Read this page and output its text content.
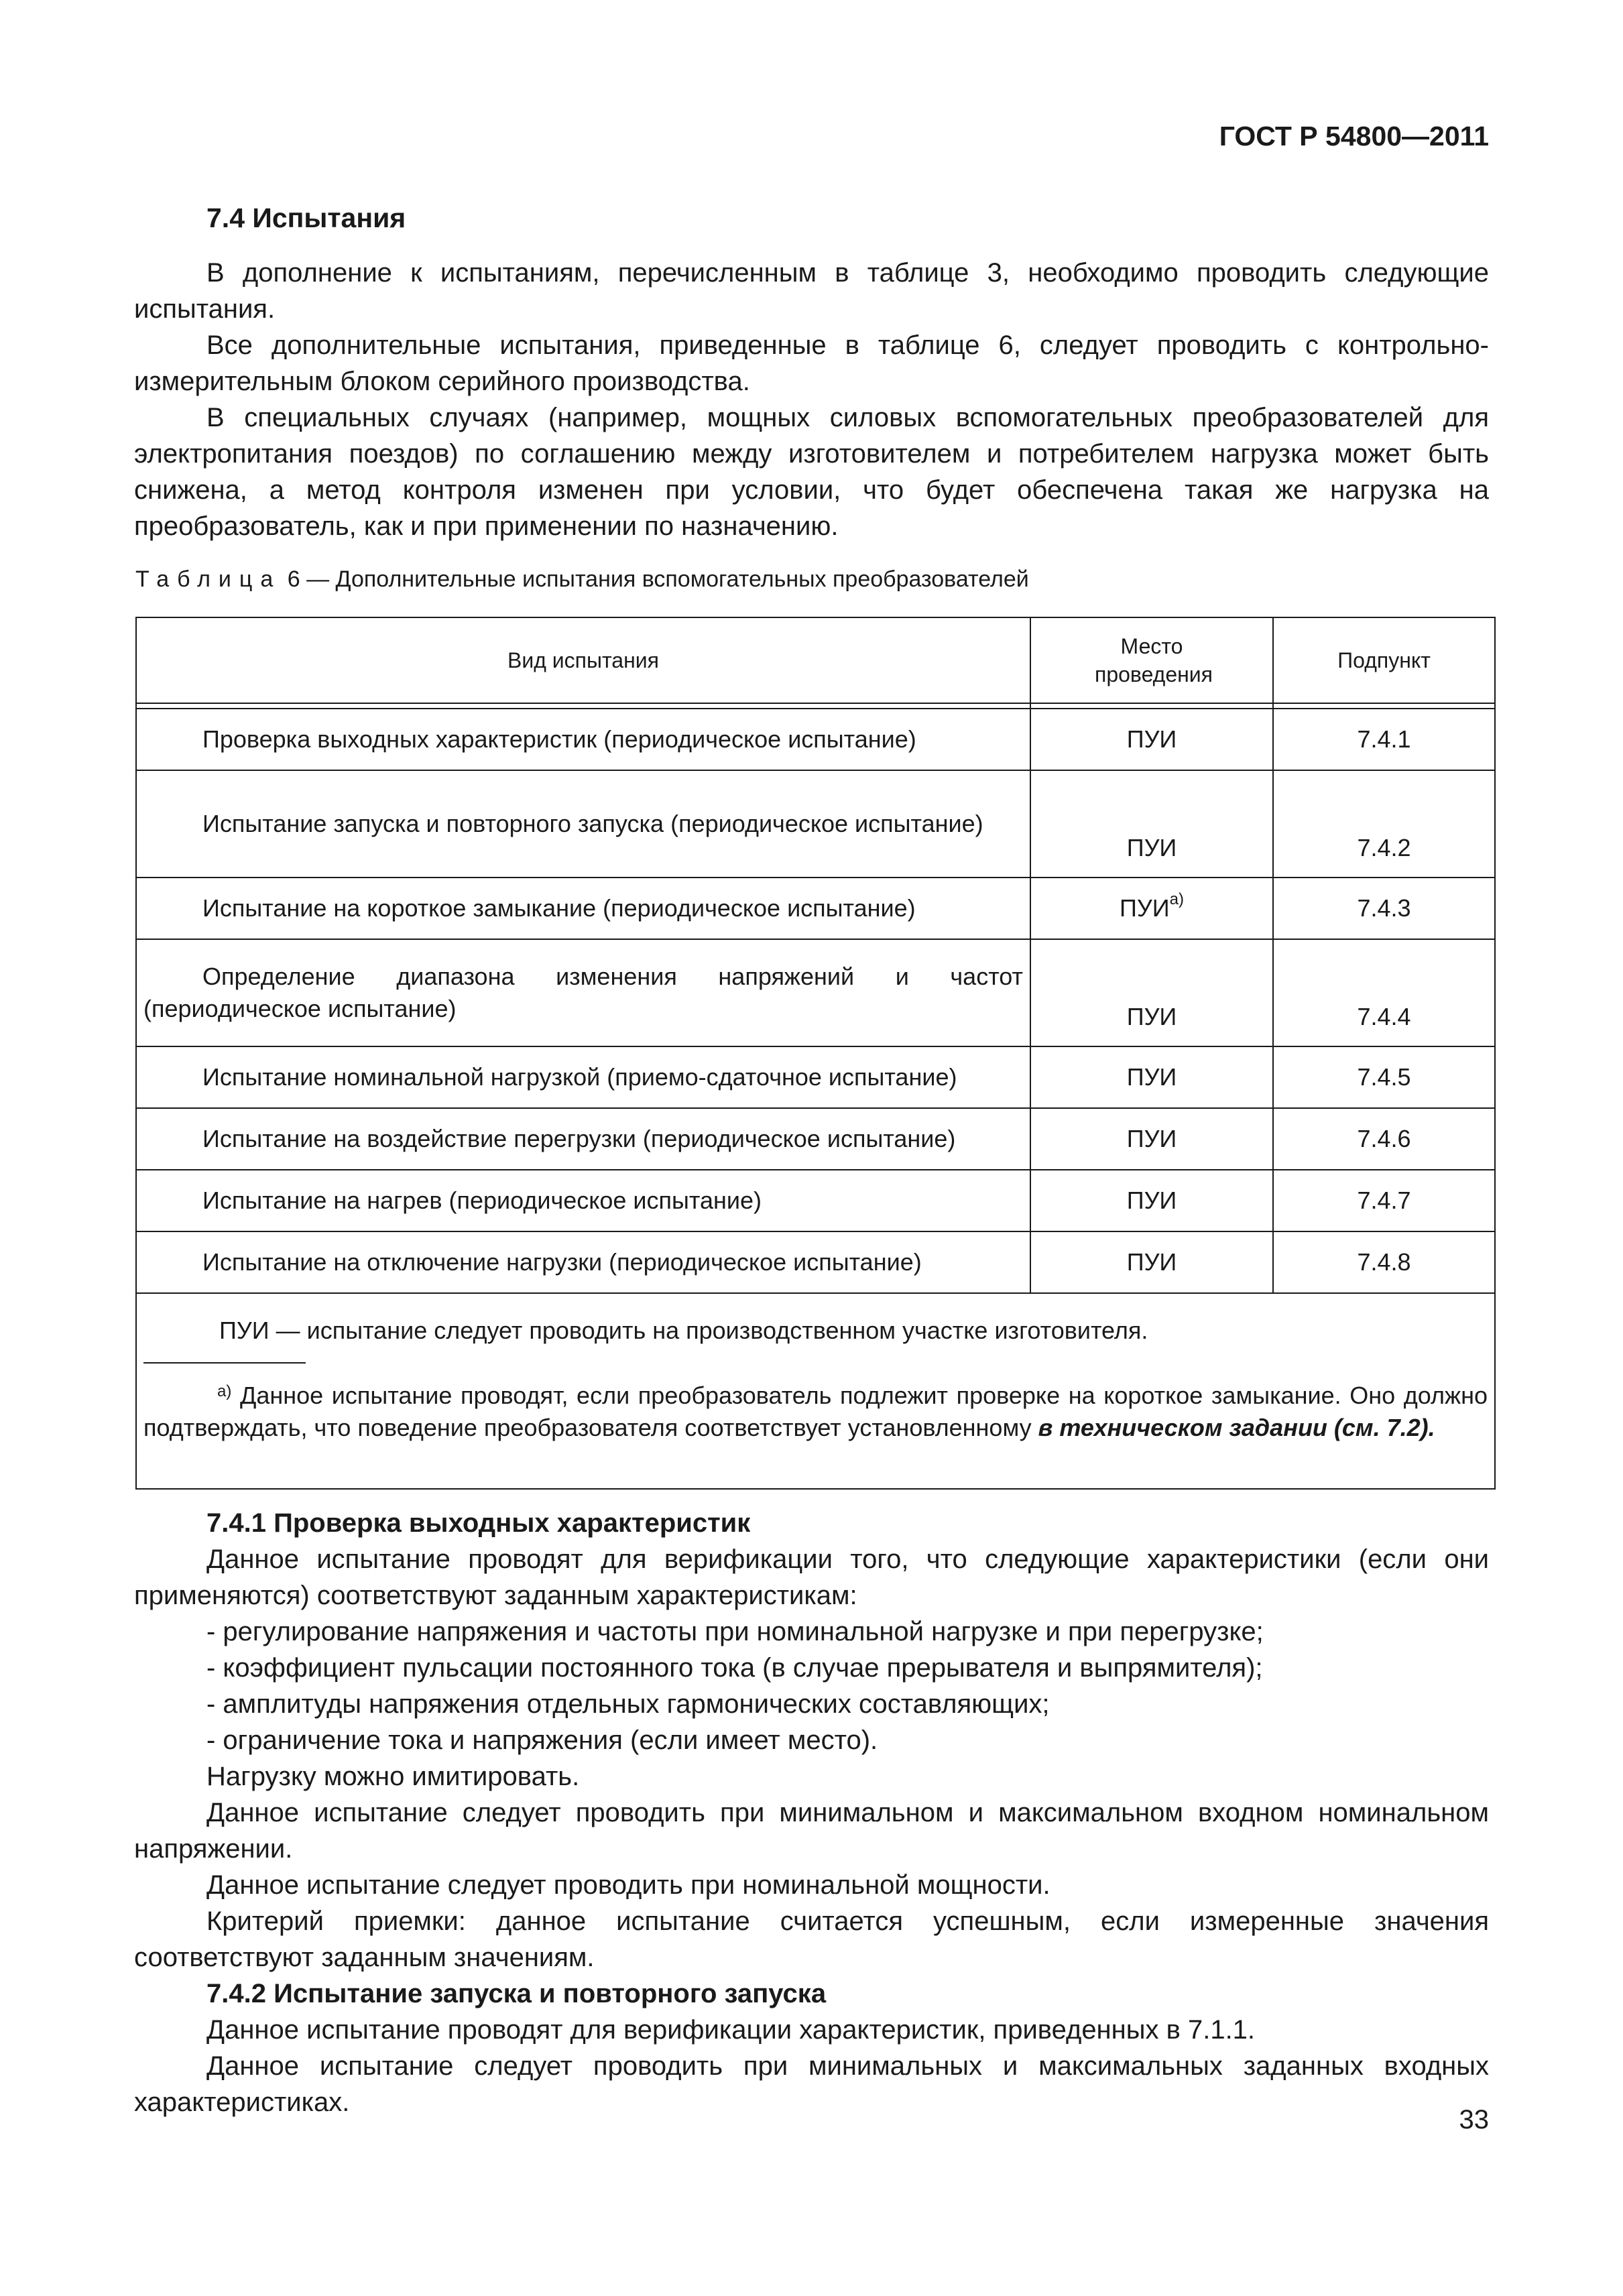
ГОСТ Р 54800—2011
7.4 Испытания

В дополнение к испытаниям, перечисленным в таблице 3, необходимо проводить следующие испытания.

Все дополнительные испытания, приведенные в таблице 6, следует проводить с контрольно-измерительным блоком серийного производства.

В специальных случаях (например, мощных силовых вспомогательных преобразователей для электропитания поездов) по соглашению между изготовителем и потребителем нагрузка может быть снижена, а метод контроля изменен при условии, что будет обеспечена такая же нагрузка на преобразователь, как и при применении по назначению.

Таблица 6 — Дополнительные испытания вспомогательных преобразователей
Вид испытания	Место проведения	Подпункт

Проверка выходных характеристик (периодическое испытание)	ПУИ	7.4.1
Испытание запуска и повторного запуска (периодическое испытание)	ПУИ	7.4.2
Испытание на короткое замыкание (периодическое испытание)	$ПУИ^{а)}$	7.4.3
Определение диапазона изменения напряжений и частот (периодическое испытание)	ПУИ	7.4.4
Испытание номинальной нагрузкой (приемо-сдаточное испытание)	ПУИ	7.4.5
Испытание на воздействие перегрузки (периодическое испытание)	ПУИ	7.4.6
Испытание на нагрев (периодическое испытание)	ПУИ	7.4.7
Испытание на отключение нагрузки (периодическое испытание)	ПУИ	7.4.8

ПУИ — испытание следует проводить на производственном участке изготовителя.
$^{а)}$ Данное испытание проводят, если преобразователь подлежит проверке на короткое замыкание. Оно должно подтверждать, что поведение преобразователя соответствует установленному в техническом задании (см. 7.2).		

7.4.1 Проверка выходных характеристик

Данное испытание проводят для верификации того, что следующие характеристики (если они применяются) соответствуют заданным характеристикам:

- регулирование напряжения и частоты при номинальной нагрузке и при перегрузке;

- коэффициент пульсации постоянного тока (в случае прерывателя и выпрямителя);

- амплитуды напряжения отдельных гармонических составляющих;

- ограничение тока и напряжения (если имеет место).

Нагрузку можно имитировать.

Данное испытание следует проводить при минимальном и максимальном входном номинальном напряжении.

Данное испытание следует проводить при номинальной мощности.

Критерий приемки: данное испытание считается успешным, если измеренные значения соответствуют заданным значениям.

7.4.2 Испытание запуска и повторного запуска

Данное испытание проводят для верификации характеристик, приведенных в 7.1.1.

Данное испытание следует проводить при минимальных и максимальных заданных входных характеристиках.

33
